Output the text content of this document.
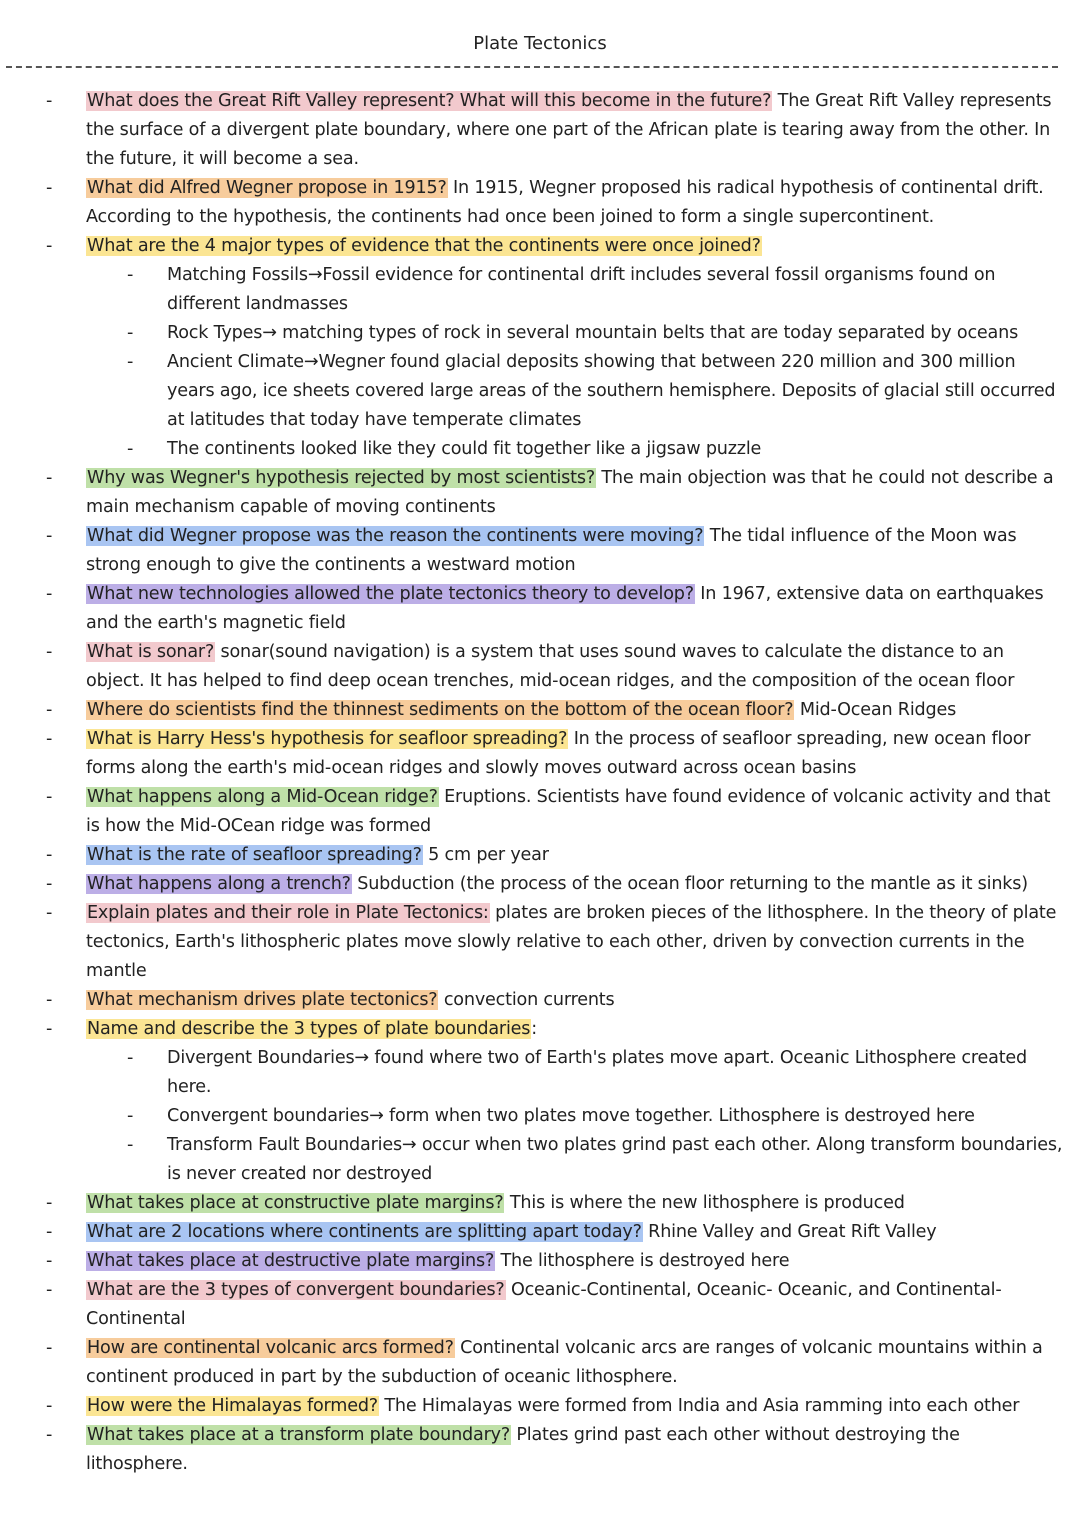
Plate Tectonics
- What does the Great Rift Valley represent? What will this become in the future? The Great Rift Valley represents the surface of a divergent plate boundary, where one part of the African plate is tearing away from the other. In the future, it will become a sea.
- What did Alfred Wegner propose in 1915? In 1915, Wegner proposed his radical hypothesis of continental drift. According to the hypothesis, the continents had once been joined to form a single supercontinent.
- What are the 4 major types of evidence that the continents were once joined?
- Matching Fossils→Fossil evidence for continental drift includes several fossil organisms found on different landmasses
- Rock Types→ matching types of rock in several mountain belts that are today separated by oceans
- Ancient Climate→Wegner found glacial deposits showing that between 220 million and 300 million years ago, ice sheets covered large areas of the southern hemisphere. Deposits of glacial still occurred at latitudes that today have temperate climates
- The continents looked like they could fit together like a jigsaw puzzle
- Why was Wegner's hypothesis rejected by most scientists? The main objection was that he could not describe a main mechanism capable of moving continents
- What did Wegner propose was the reason the continents were moving? The tidal influence of the Moon was strong enough to give the continents a westward motion
- What new technologies allowed the plate tectonics theory to develop? In 1967, extensive data on earthquakes and the earth's magnetic field
- What is sonar? sonar(sound navigation) is a system that uses sound waves to calculate the distance to an object. It has helped to find deep ocean trenches, mid-ocean ridges, and the composition of the ocean floor
- Where do scientists find the thinnest sediments on the bottom of the ocean floor? Mid-Ocean Ridges
- What is Harry Hess's hypothesis for seafloor spreading? In the process of seafloor spreading, new ocean floor forms along the earth's mid-ocean ridges and slowly moves outward across ocean basins
- What happens along a Mid-Ocean ridge? Eruptions. Scientists have found evidence of volcanic activity and that is how the Mid-OCean ridge was formed
- What is the rate of seafloor spreading? 5 cm per year
- What happens along a trench? Subduction (the process of the ocean floor returning to the mantle as it sinks)
- Explain plates and their role in Plate Tectonics: plates are broken pieces of the lithosphere. In the theory of plate tectonics, Earth's lithospheric plates move slowly relative to each other, driven by convection currents in the mantle
- What mechanism drives plate tectonics? convection currents
- Name and describe the 3 types of plate boundaries:
- Divergent Boundaries→ found where two of Earth's plates move apart. Oceanic Lithosphere created here.
- Convergent boundaries→ form when two plates move together. Lithosphere is destroyed here
- Transform Fault Boundaries→ occur when two plates grind past each other. Along transform boundaries, is never created nor destroyed
- What takes place at constructive plate margins? This is where the new lithosphere is produced
- What are 2 locations where continents are splitting apart today? Rhine Valley and Great Rift Valley
- What takes place at destructive plate margins? The lithosphere is destroyed here
- What are the 3 types of convergent boundaries? Oceanic-Continental, Oceanic- Oceanic, and Continental-Continental
- How are continental volcanic arcs formed? Continental volcanic arcs are ranges of volcanic mountains within a continent produced in part by the subduction of oceanic lithosphere.
- How were the Himalayas formed? The Himalayas were formed from India and Asia ramming into each other
- What takes place at a transform plate boundary? Plates grind past each other without destroying the lithosphere.
